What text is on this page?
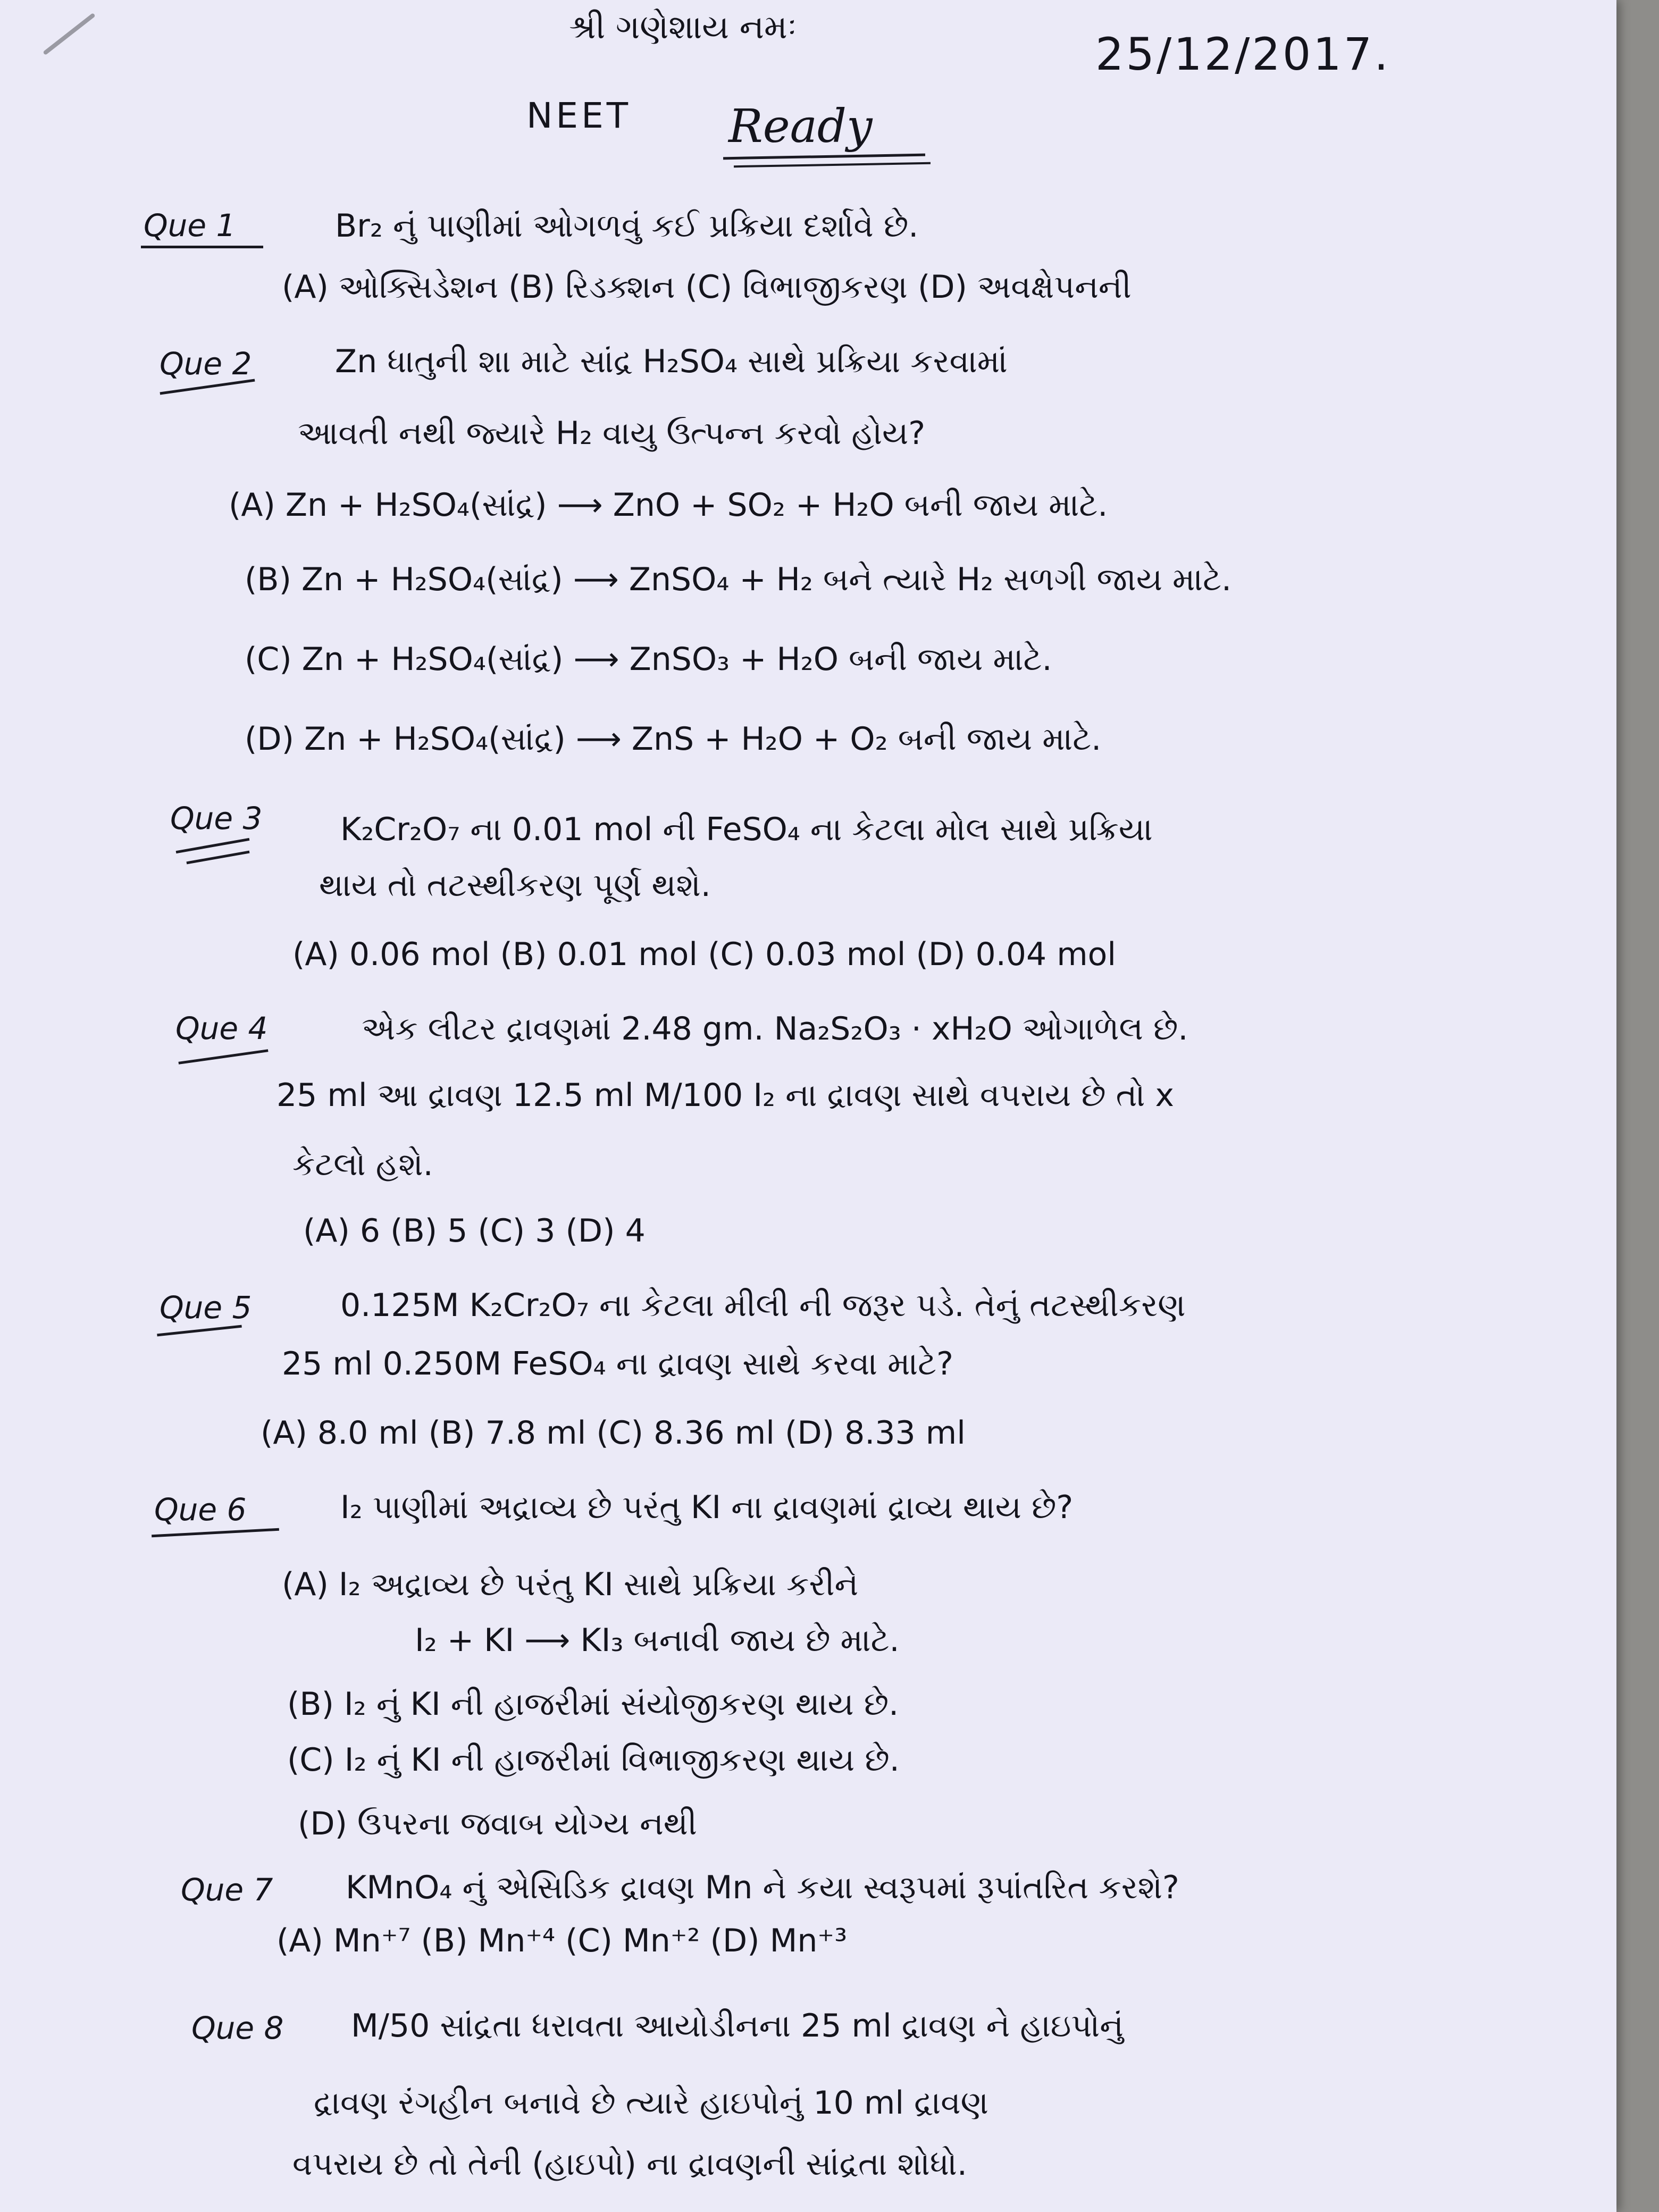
શ્રી ગણેશાય નમઃ
25/12/2017.
NEET Ready
Que 1	Br₂ નું પાણીમાં ઓગળવું કઈ પ્રક્રિયા દર્શાવે છે.
(A) ઓક્સિડેશન (B) રિડક્શન (C) વિભાજીકરણ (D) અવક્ષેપનની
Que 2	Zn ધાતુની શા માટે સાંદ્ર H₂SO₄ સાથે પ્રક્રિયા કરવામાં
આવતી નથી જ્યારે H₂ વાયુ ઉત્પન્ન કરવો હોય?
(A) Zn + H₂SO₄(સાંદ્ર) ⟶ ZnO + SO₂ + H₂O બની જાય માટે.
(B) Zn + H₂SO₄(સાંદ્ર) ⟶ ZnSO₄ + H₂ બને ત્યારે H₂ સળગી જાય માટે.
(C) Zn + H₂SO₄(સાંદ્ર) ⟶ ZnSO₃ + H₂O બની જાય માટે.
(D) Zn + H₂SO₄(સાંદ્ર) ⟶ ZnS + H₂O + O₂ બની જાય માટે.
Que 3 K₂Cr₂O₇ ના 0.01 mol ની FeSO₄ ના કેટલા મોલ સાથે પ્રક્રિયા
થાય તો તટસ્થીકરણ પૂર્ણ થશે.
(A) 0.06 mol (B) 0.01 mol (C) 0.03 mol (D) 0.04 mol
Que 4	એક લીટર દ્રાવણમાં 2.48 gm. Na₂S₂O₃ · xH₂O ઓગાળેલ છે.
25 ml આ દ્રાવણ 12.5 ml M/100 I₂ ના દ્રાવણ સાથે વપરાય છે તો x
કેટલો હશે.
(A) 6 (B) 5 (C) 3 (D) 4
Que 5	0.125M K₂Cr₂O₇ ના કેટલા મીલી ની જરૂર પડે. તેનું તટસ્થીકરણ
25 ml 0.250M FeSO₄ ના દ્રાવણ સાથે કરવા માટે?
(A) 8.0 ml (B) 7.8 ml (C) 8.36 ml (D) 8.33 ml
Que 6	I₂ પાણીમાં અદ્રાવ્ય છે પરંતુ KI ના દ્રાવણમાં દ્રાવ્ય થાય છે?
(A) I₂ અદ્રાવ્ય છે પરંતુ KI સાથે પ્રક્રિયા કરીને
I₂ + KI ⟶ KI₃ બનાવી જાય છે માટે.
(B) I₂ નું KI ની હાજરીમાં સંયોજીકરણ થાય છે.
(C) I₂ નું KI ની હાજરીમાં વિભાજીકરણ થાય છે.
(D) ઉપરના જવાબ યોગ્ય નથી
Que 7 KMnO₄ નું એસિડિક દ્રાવણ Mn ને કયા સ્વરૂપમાં રૂપાંતરિત કરશે?
(A) Mn⁺⁷ (B) Mn⁺⁴ (C) Mn⁺² (D) Mn⁺³
Que 8 M/50 સાંદ્રતા ધરાવતા આયોડીનના 25 ml દ્રાવણ ને હાઇપોનું
દ્રાવણ રંગહીન બનાવે છે ત્યારે હાઇપોનું 10 ml દ્રાવણ
વપરાય છે તો તેની (હાઇપો) ના દ્રાવણની સાંદ્રતા શોધો.
